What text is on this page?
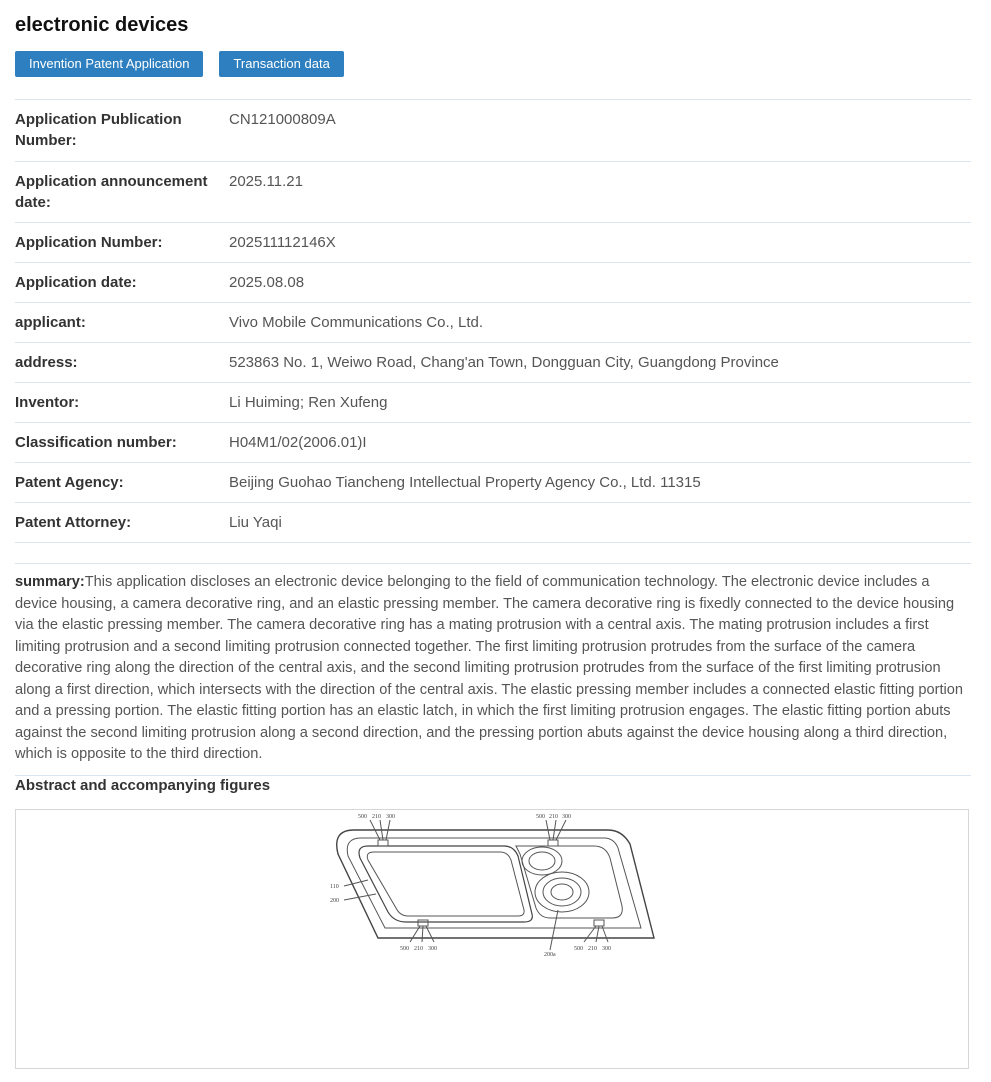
electronic devices
Invention Patent Application	Transaction data
Application Publication Number:
CN121000809A
Application announcement date:
2025.11.21
Application Number:	202511112146X
Application date:	2025.08.08
applicant:	Vivo Mobile Communications Co., Ltd.
address:	523863 No. 1, Weiwo Road, Chang'an Town, Dongguan City, Guangdong Province
Inventor:	Li Huiming; Ren Xufeng
Classification number:	H04M1/02(2006.01)I
Patent Agency:	Beijing Guohao Tiancheng Intellectual Property Agency Co., Ltd. 11315
Patent Attorney:	Liu Yaqi

summary:This application discloses an electronic device belonging to the field of communication technology. The electronic device includes a device housing, a camera decorative ring, and an elastic pressing member. The camera decorative ring is fixedly connected to the device housing via the elastic pressing member. The camera decorative ring has a mating protrusion with a central axis. The mating protrusion includes a first limiting protrusion and a second limiting protrusion connected together. The first limiting protrusion protrudes from the surface of the camera decorative ring along the direction of the central axis, and the second limiting protrusion protrudes from the surface of the first limiting protrusion along a first direction, which intersects with the direction of the central axis. The elastic pressing member includes a connected elastic fitting portion and a pressing portion. The elastic fitting portion has an elastic latch, in which the first limiting protrusion engages. The elastic fitting portion abuts against the second limiting protrusion along a second direction, and the pressing portion abuts against the device housing along a third direction, which is opposite to the third direction.

Abstract and accompanying figures
500 210 300	500 210 300
500 210 300	500 210 300
110
200
200a
